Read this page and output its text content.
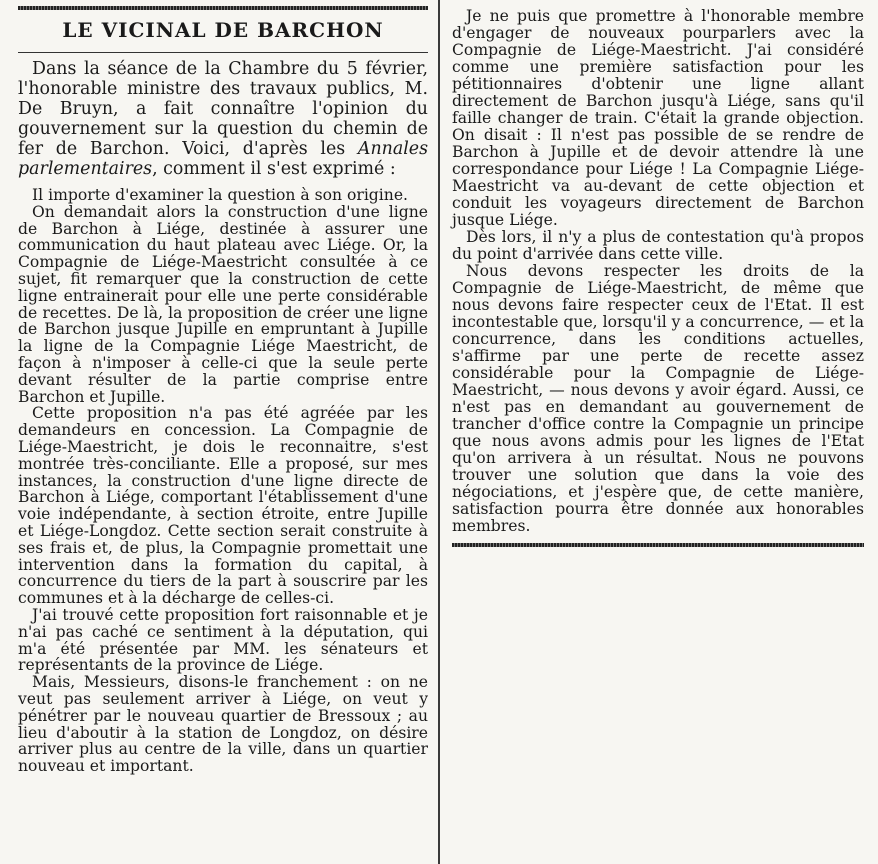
LE VICINAL DE BARCHON

Dans la séance de la Chambre du 5 février, l'honorable ministre des travaux publics, M. De Bruyn, a fait connaître l'opinion du gouvernement sur la question du chemin de fer de Barchon. Voici, d'après les Annales parlementaires, comment il s'est exprimé :

Il importe d'examiner la question à son origine.

On demandait alors la construction d'une ligne de Barchon à Liége, destinée à assurer une communication du haut plateau avec Liége. Or, la Compagnie de Liége-Maestricht consultée à ce sujet, fit remarquer que la construction de cette ligne entrainerait pour elle une perte considérable de recettes. De là, la proposition de créer une ligne de Barchon jusque Jupille en empruntant à Jupille la ligne de la Compagnie Liége Maestricht, de façon à n'imposer à celle-ci que la seule perte devant résulter de la partie comprise entre Barchon et Jupille.

Cette proposition n'a pas été agréée par les demandeurs en concession. La Compagnie de Liége-Maestricht, je dois le reconnaitre, s'est montrée très-conciliante. Elle a proposé, sur mes instances, la construction d'une ligne directe de Barchon à Liége, comportant l'établissement d'une voie indépendante, à section étroite, entre Jupille et Liége-Longdoz. Cette section serait construite à ses frais et, de plus, la Compagnie promettait une intervention dans la formation du capital, à concurrence du tiers de la part à souscrire par les communes et à la décharge de celles-ci.

J'ai trouvé cette proposition fort raisonnable et je n'ai pas caché ce sentiment à la députation, qui m'a été présentée par MM. les sénateurs et représentants de la province de Liége.

Mais, Messieurs, disons-le franchement : on ne veut pas seulement arriver à Liége, on veut y pénétrer par le nouveau quartier de Bressoux ; au lieu d'aboutir à la station de Longdoz, on désire arriver plus au centre de la ville, dans un quartier nouveau et important.

Je ne puis que promettre à l'honorable membre d'engager de nouveaux pourparlers avec la Compagnie de Liége-Maestricht. J'ai considéré comme une première satisfaction pour les pétitionnaires d'obtenir une ligne allant directement de Barchon jusqu'à Liége, sans qu'il faille changer de train. C'était la grande objection. On disait : Il n'est pas possible de se rendre de Barchon à Jupille et de devoir attendre là une correspondance pour Liége ! La Compagnie Liége-Maestricht va au-devant de cette objection et conduit les voyageurs directement de Barchon jusque Liége.

Dès lors, il n'y a plus de contestation qu'à propos du point d'arrivée dans cette ville.

Nous devons respecter les droits de la Compagnie de Liége-Maestricht, de même que nous devons faire respecter ceux de l'Etat. Il est incontestable que, lorsqu'il y a concurrence, — et la concurrence, dans les conditions actuelles, s'affirme par une perte de recette assez considérable pour la Compagnie de Liége-Maestricht, — nous devons y avoir égard. Aussi, ce n'est pas en demandant au gouvernement de trancher d'office contre la Compagnie un principe que nous avons admis pour les lignes de l'Etat qu'on arrivera à un résultat. Nous ne pouvons trouver une solution que dans la voie des négociations, et j'espère que, de cette manière, satisfaction pourra être donnée aux honorables membres.
